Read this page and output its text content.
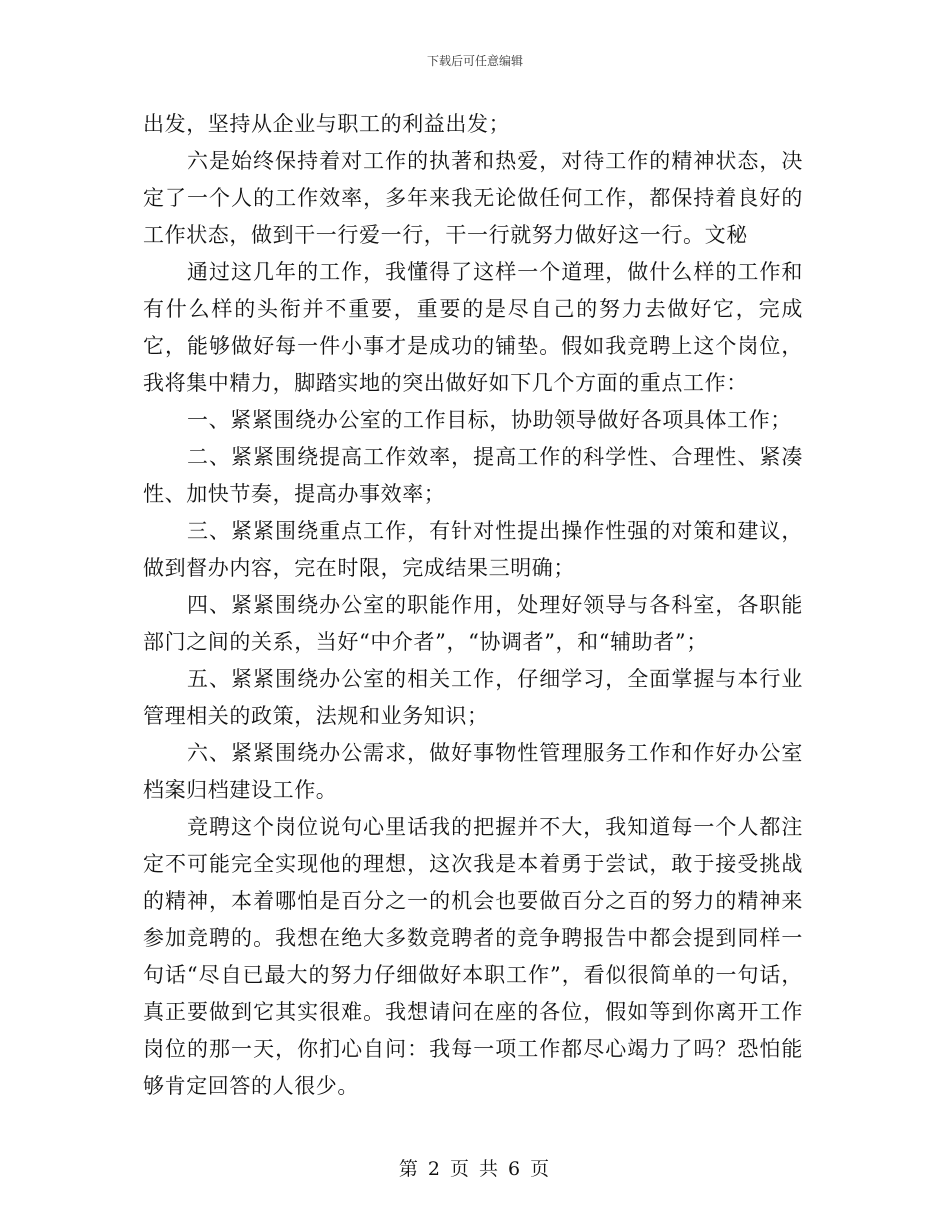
下载后可任意编辑

出发，坚持从企业与职工的利益出发；

六是始终保持着对工作的执著和热爱，对待工作的精神状态，决定了一个人的工作效率，多年来我无论做任何工作，都保持着良好的工作状态，做到干一行爱一行，干一行就努力做好这一行。文秘

通过这几年的工作，我懂得了这样一个道理，做什么样的工作和有什么样的头衔并不重要，重要的是尽自己的努力去做好它，完成它，能够做好每一件小事才是成功的铺垫。假如我竞聘上这个岗位，我将集中精力，脚踏实地的突出做好如下几个方面的重点工作：

一、紧紧围绕办公室的工作目标，协助领导做好各项具体工作；

二、紧紧围绕提高工作效率，提高工作的科学性、合理性、紧凑性、加快节奏，提高办事效率；

三、紧紧围绕重点工作，有针对性提出操作性强的对策和建议，做到督办内容，完在时限，完成结果三明确；

四、紧紧围绕办公室的职能作用，处理好领导与各科室，各职能部门之间的关系，当好“中介者”，“协调者”，和“辅助者”；

五、紧紧围绕办公室的相关工作，仔细学习，全面掌握与本行业管理相关的政策，法规和业务知识；

六、紧紧围绕办公需求，做好事物性管理服务工作和作好办公室档案归档建设工作。

竞聘这个岗位说句心里话我的把握并不大，我知道每一个人都注定不可能完全实现他的理想，这次我是本着勇于尝试，敢于接受挑战的精神，本着哪怕是百分之一的机会也要做百分之百的努力的精神来参加竞聘的。我想在绝大多数竞聘者的竞争聘报告中都会提到同样一句话“尽自已最大的努力仔细做好本职工作”，看似很简单的一句话，真正要做到它其实很难。我想请问在座的各位，假如等到你离开工作岗位的那一天，你扪心自问：我每一项工作都尽心竭力了吗？恐怕能够肯定回答的人很少。

第 2 页 共 6 页
